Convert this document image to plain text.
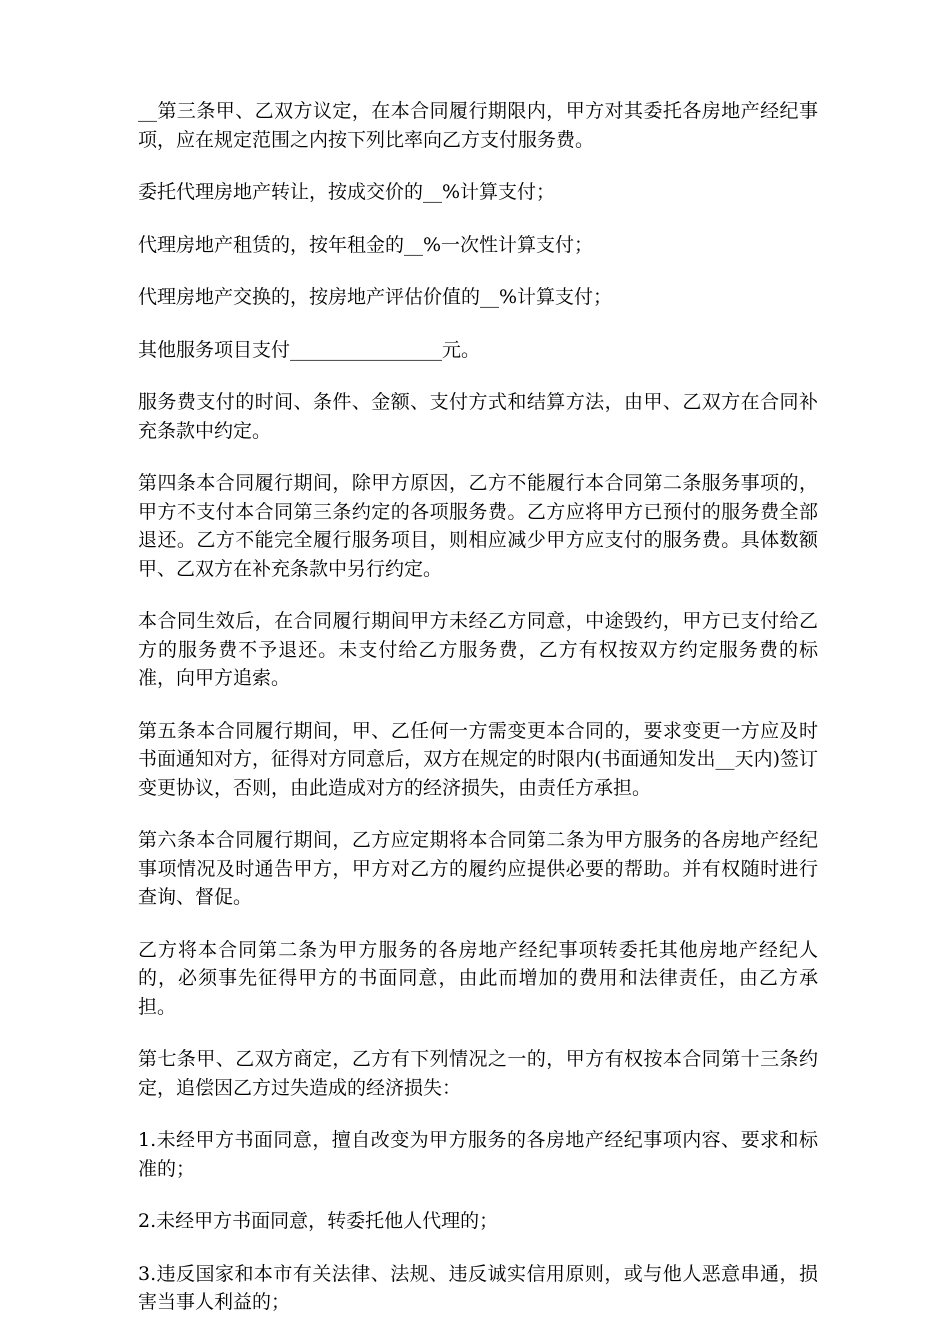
__第三条甲、乙双方议定，在本合同履行期限内，甲方对其委托各房地产经纪事项，应在规定范围之内按下列比率向乙方支付服务费。

委托代理房地产转让，按成交价的__%计算支付；

代理房地产租赁的，按年租金的__%一次性计算支付；

代理房地产交换的，按房地产评估价值的__%计算支付；

其他服务项目支付________________元。

服务费支付的时间、条件、金额、支付方式和结算方法，由甲、乙双方在合同补充条款中约定。

第四条本合同履行期间，除甲方原因，乙方不能履行本合同第二条服务事项的，甲方不支付本合同第三条约定的各项服务费。乙方应将甲方已预付的服务费全部退还。乙方不能完全履行服务项目，则相应减少甲方应支付的服务费。具体数额甲、乙双方在补充条款中另行约定。

本合同生效后，在合同履行期间甲方未经乙方同意，中途毁约，甲方已支付给乙方的服务费不予退还。未支付给乙方服务费，乙方有权按双方约定服务费的标准，向甲方追索。

第五条本合同履行期间，甲、乙任何一方需变更本合同的，要求变更一方应及时书面通知对方，征得对方同意后，双方在规定的时限内(书面通知发出__天内)签订变更协议，否则，由此造成对方的经济损失，由责任方承担。

第六条本合同履行期间，乙方应定期将本合同第二条为甲方服务的各房地产经纪事项情况及时通告甲方，甲方对乙方的履约应提供必要的帮助。并有权随时进行查询、督促。

乙方将本合同第二条为甲方服务的各房地产经纪事项转委托其他房地产经纪人的，必须事先征得甲方的书面同意，由此而增加的费用和法律责任，由乙方承担。

第七条甲、乙双方商定，乙方有下列情况之一的，甲方有权按本合同第十三条约定，追偿因乙方过失造成的经济损失：

1.未经甲方书面同意，擅自改变为甲方服务的各房地产经纪事项内容、要求和标准的；

2.未经甲方书面同意，转委托他人代理的；

3.违反国家和本市有关法律、法规、违反诚实信用原则，或与他人恶意串通，损害当事人利益的；
